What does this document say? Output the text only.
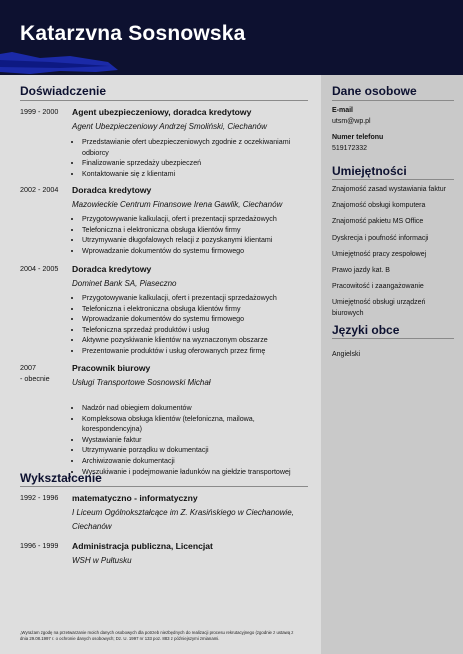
Katarzvna Sosnowska
Doświadczenie
1999 - 2000 Agent ubezpieczeniowy, doradca kredytowy
Agent Ubezpieczeniowy Andrzej Smoliński, Ciechanów
• Przedstawianie ofert ubezpieczeniowych zgodnie z oczekiwaniami odbiorcy
• Finalizowanie sprzedaży ubezpieczeń
• Kontaktowanie się z klientami
2002 - 2004 Doradca kredytowy
Mazowieckie Centrum Finansowe Irena Gawlik, Ciechanów
• Przygotowywanie kalkulacji, ofert i prezentacji sprzedażowych
• Telefoniczna i elektroniczna obsługa klientów firmy
• Utrzymywanie długofalowych relacji z pozyskanymi klientami
• Wprowadzanie dokumentów do systemu firmowego
2004 - 2005 Doradca kredytowy
Dominet Bank SA, Piaseczno
• Przygotowywanie kalkulacji, ofert i prezentacji sprzedażowych
• Telefoniczna i elektroniczna obsługa klientów firmy
• Wprowadzanie dokumentów do systemu firmowego
• Telefoniczna sprzedaż produktów i usług
• Aktywne pozyskiwanie klientów na wyznaczonym obszarze
• Prezentowanie produktów i usług oferowanych przez firmę
2007
- obecnie
Pracownik biurowy
Usługi Transportowe Sosnowski Michał
• Nadzór nad obiegiem dokumentów
• Kompleksowa obsługa klientów (telefoniczna, mailowa, korespondencyjna)
• Wystawianie faktur
• Utrzymywanie porządku w dokumentacji
• Archiwizowanie dokumentacji
• Wyszukiwanie i podejmowanie ładunków na giełdzie transportowej
Wykształcenie
1992 - 1996 matematyczno - informatyczny
I Liceum Ogólnokształcące im Z. Krasińskiego w Ciechanowie, Ciechanów
1996 - 1999 Administracja publiczna, Licencjat
WSH w Pułtusku
„Wyrażam zgodę na przetwarzanie moich danych osobowych dla potrzeb niezbędnych do realizacji procesu rekrutacyjnego (zgodnie z ustawą z dnia 29.08.1997 r. o ochronie danych osobowych; Dz. U. 1997 nr 133 poz. 883 z późniejszymi zmianami.
Dane osobowe
E-mail
utsm@wp.pl
Numer telefonu
519172332
Umiejętności
Znajomość zasad wystawiania faktur
Znajomość obsługi komputera
Znajomość pakietu MS Office
Dyskrecja i poufność informacji
Umiejętność pracy zespołowej
Prawo jazdy kat. B
Pracowitość i zaangażowanie
Umiejętność obsługi urządzeń biurowych
Języki obce
Angielski
